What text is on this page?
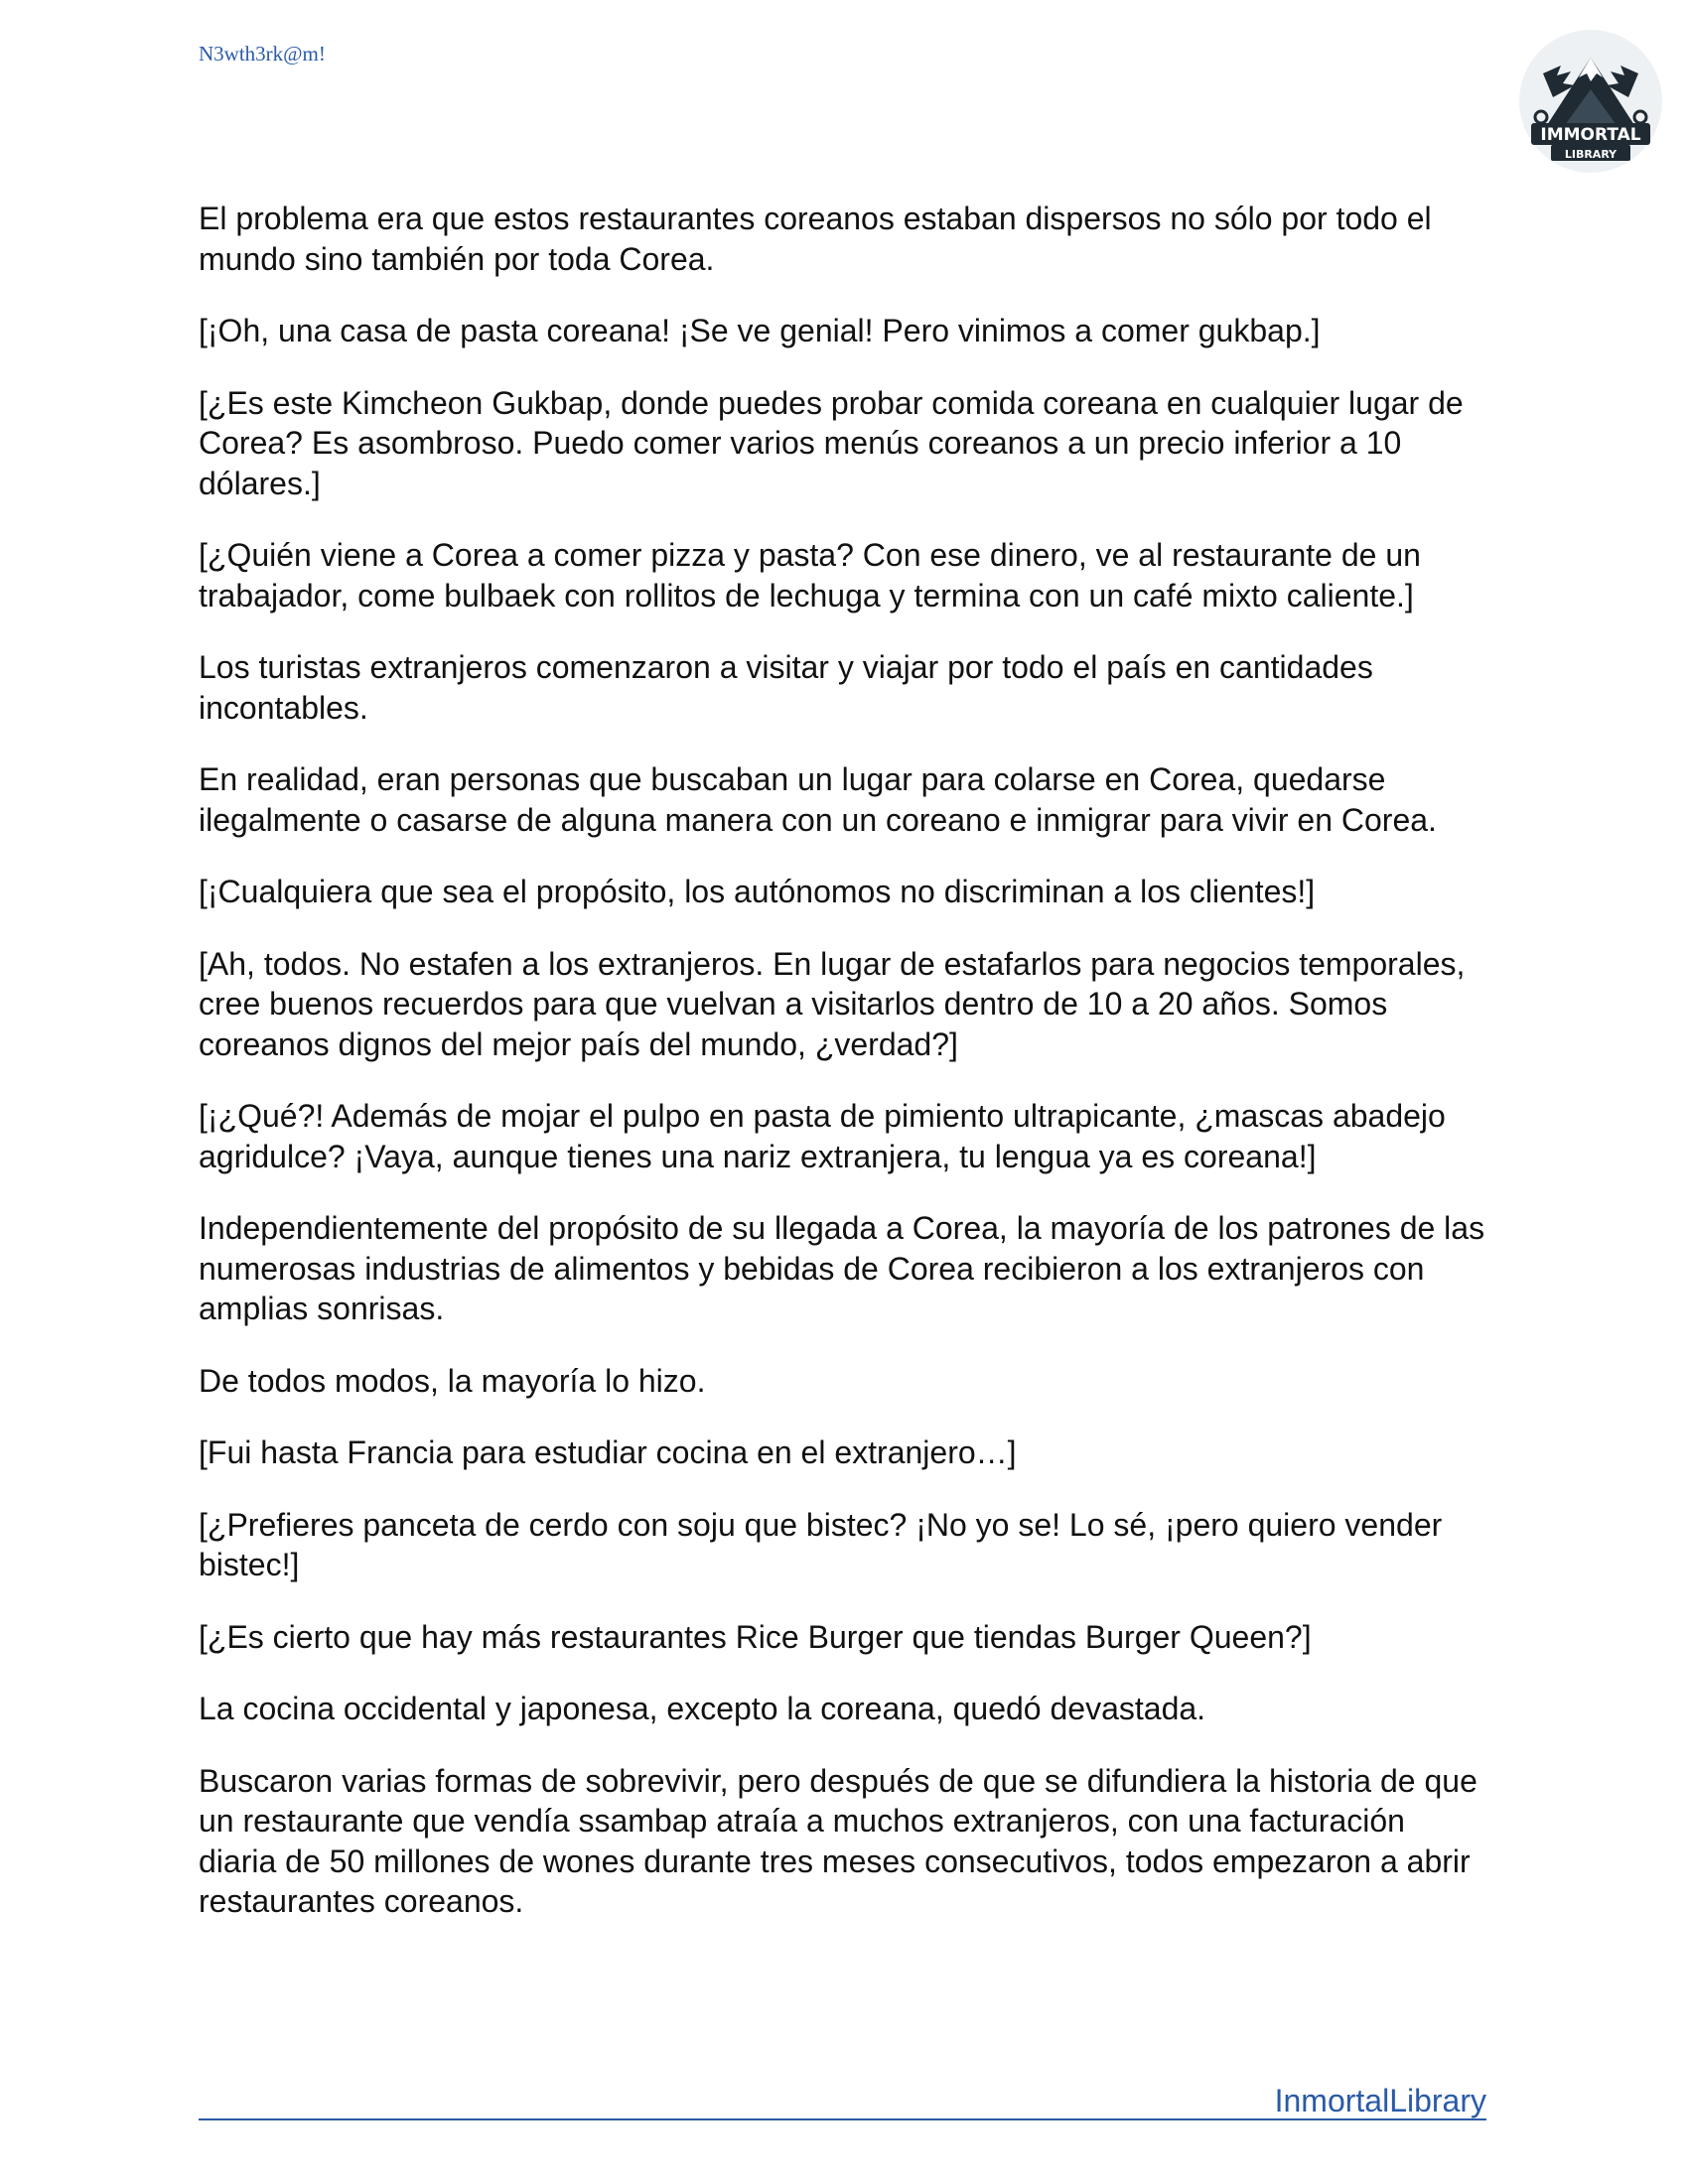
N3wth3rk@m!
IMMORTAL
LIBRARY

El problema era que estos restaurantes coreanos estaban dispersos no sólo por todo el mundo sino también por toda Corea.

[¡Oh, una casa de pasta coreana! ¡Se ve genial! Pero vinimos a comer gukbap.]

[¿Es este Kimcheon Gukbap, donde puedes probar comida coreana en cualquier lugar de Corea? Es asombroso. Puedo comer varios menús coreanos a un precio inferior a 10 dólares.]

[¿Quién viene a Corea a comer pizza y pasta? Con ese dinero, ve al restaurante de un trabajador, come bulbaek con rollitos de lechuga y termina con un café mixto caliente.]

Los turistas extranjeros comenzaron a visitar y viajar por todo el país en cantidades incontables.

En realidad, eran personas que buscaban un lugar para colarse en Corea, quedarse ilegalmente o casarse de alguna manera con un coreano e inmigrar para vivir en Corea.

[¡Cualquiera que sea el propósito, los autónomos no discriminan a los clientes!]

[Ah, todos. No estafen a los extranjeros. En lugar de estafarlos para negocios temporales, cree buenos recuerdos para que vuelvan a visitarlos dentro de 10 a 20 años. Somos coreanos dignos del mejor país del mundo, ¿verdad?]

[¡¿Qué?! Además de mojar el pulpo en pasta de pimiento ultrapicante, ¿mascas abadejo agridulce? ¡Vaya, aunque tienes una nariz extranjera, tu lengua ya es coreana!]

Independientemente del propósito de su llegada a Corea, la mayoría de los patrones de las numerosas industrias de alimentos y bebidas de Corea recibieron a los extranjeros con amplias sonrisas.

De todos modos, la mayoría lo hizo.

[Fui hasta Francia para estudiar cocina en el extranjero…]

[¿Prefieres panceta de cerdo con soju que bistec? ¡No yo se! Lo sé, ¡pero quiero vender bistec!]

[¿Es cierto que hay más restaurantes Rice Burger que tiendas Burger Queen?]

La cocina occidental y japonesa, excepto la coreana, quedó devastada.

Buscaron varias formas de sobrevivir, pero después de que se difundiera la historia de que un restaurante que vendía ssambap atraía a muchos extranjeros, con una facturación diaria de 50 millones de wones durante tres meses consecutivos, todos empezaron a abrir restaurantes coreanos.

InmortalLibrary
